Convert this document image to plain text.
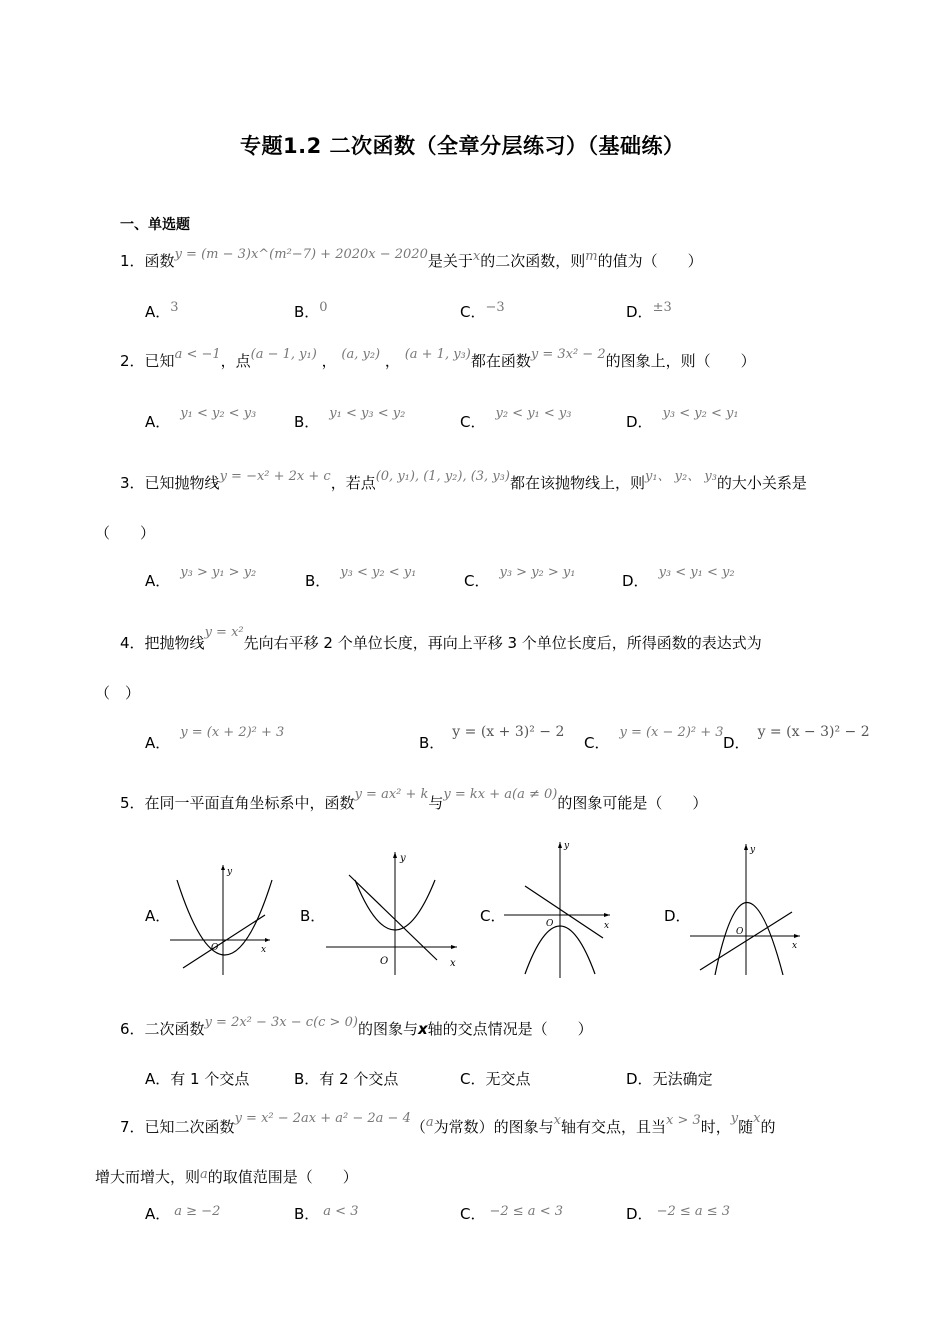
专题1.2 二次函数（全章分层练习）（基础练）
一、单选题
1．函数y = (m − 3)x^(m²−7) + 2020x − 2020是关于x的二次函数，则m的值为（　　）
A．3	B．0	C．−3	D．±3
2．已知a < −1，点(a − 1, y₁) ， (a, y₂) ， (a + 1, y₃)都在函数y = 3x² − 2的图象上，则（　　）
A． y₁ < y₂ < y₃	B． y₁ < y₃ < y₂	C． y₂ < y₁ < y₃	D． y₃ < y₂ < y₁
3．已知抛物线y = −x² + 2x + c，若点(0, y₁), (1, y₂), (3, y₃)都在该抛物线上，则y₁、 y₂、 y₃的大小关系是
（　　）
A． y₃ > y₁ > y₂	B． y₃ < y₂ < y₁	C． y₃ > y₂ > y₁	D． y₃ < y₁ < y₂
4．把抛物线y = x²先向右平移 2 个单位长度，再向上平移 3 个单位长度后，所得函数的表达式为
（　）
A．y = (x + 2)² + 3
B．y = (x + 3)² − 2
C．y = (x − 2)² + 3
D．y = (x − 3)² − 2
5．在同一平面直角坐标系中，函数y = ax² + k与y = kx + a(a ≠ 0)的图象可能是（　　）
A．	B．	C．	D．
y
x
O
y
x
O
y
x
O
y
x
O
6．二次函数y = 2x² − 3x − c(c > 0)的图象与x轴的交点情况是（　　）
A．有 1 个交点	B．有 2 个交点	C．无交点	D．无法确定
7．已知二次函数y = x² − 2ax + a² − 2a − 4（a为常数）的图象与x轴有交点，且当x > 3时，y随x的
增大而增大，则a的取值范围是（　　）
A． a ≥ −2	B． a < 3	C． −2 ≤ a < 3	D． −2 ≤ a ≤ 3
